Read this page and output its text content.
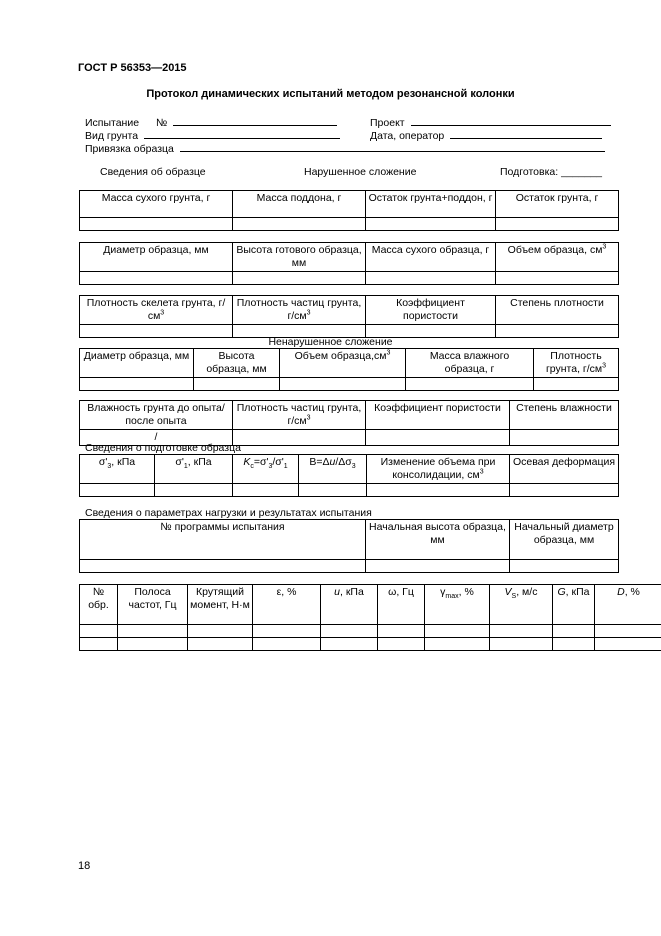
ГОСТ Р 56353—2015
Протокол динамических испытаний методом резонансной колонки
Испытание №	Проект
Вид грунта	Дата, оператор
Привязка образца
Сведения об образце	Нарушенное сложение	Подготовка: _______
Масса сухого грунта, г	Масса поддона, г	Остаток грунта+поддон, г	Остаток грунта, г

Диаметр образца, мм	Высота готового образца, мм	Масса сухого образца, г	Объем образца, $см^3$

Плотность скелета грунта, $г/см^3$	Плотность частиц грунта, $г/см^3$	Коэффициент пористости	Степень плотности

Ненарушенное сложение
Диаметр образца, мм	Высота образца, мм	Объем $образца,см^3$	Масса влажного образца, г	Плотность грунта, $г/см^3$

Влажность грунта до опыта/после опыта	Плотность частиц грунта, $г/см^3$	Коэффициент пористости	Степень влажности
/			
Сведения о подготовке образца
$\sigma'_3$, кПа	$\sigma'_1$, кПа	$K_c=\sigma'_3/\sigma'_1$	$B=\Delta u/\Delta\sigma_3$	Изменение объема при консолидации, $см^3$	Осевая деформация

Сведения о параметрах нагрузки и результатах испытания
№ программы испытания	Начальная высота образца, мм	Начальный диаметр образца, мм

№ обр.	Полоса частот, Гц	Крутящий момент, Н·м	ε, %	u, кПа	ω, Гц	$\gamma_{max}$, %	$V_S$, м/с	G, кПа	D, %

18
